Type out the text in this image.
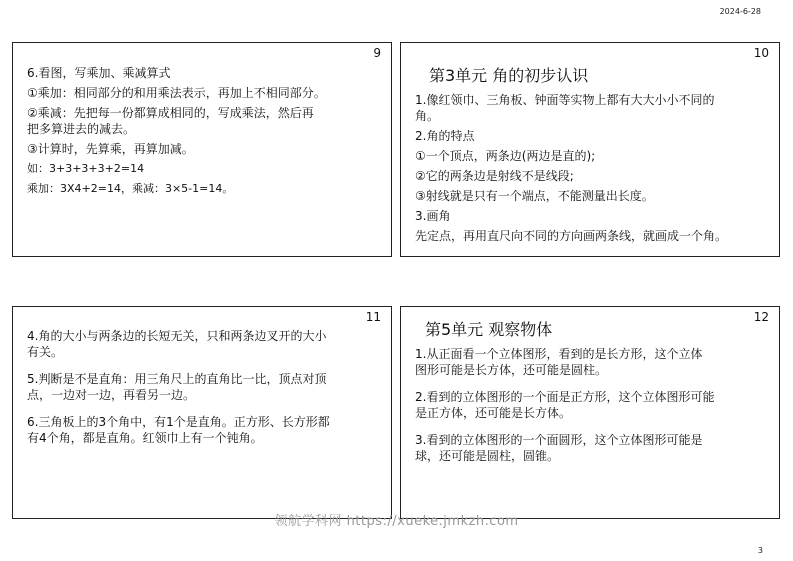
2024-6-28
9

6.看图，写乘加、乘减算式

①乘加：相同部分的和用乘法表示，再加上不相同部分。

②乘减：先把每一份都算成相同的，写成乘法，然后再

把多算进去的减去。

③计算时，先算乘，再算加减。

如：3+3+3+3+2=14

乘加：3X4+2=14，乘减：3×5-1=14。

10
第3单元 角的初步认识

1.像红领巾、三角板、钟面等实物上都有大大小小不同的

角。

2.角的特点

①一个顶点，两条边(两边是直的);

②它的两条边是射线不是线段;

③射线就是只有一个端点，不能测量出长度。

3.画角

先定点，再用直尺向不同的方向画两条线，就画成一个角。

11

4.角的大小与两条边的长短无关，只和两条边叉开的大小

有关。

5.判断是不是直角：用三角尺上的直角比一比，顶点对顶

点，一边对一边，再看另一边。

6.三角板上的3个角中，有1个是直角。正方形、长方形都

有4个角，都是直角。红领巾上有一个钝角。

12
第5单元 观察物体

1.从正面看一个立体图形，看到的是长方形，这个立体

图形可能是长方体，还可能是圆柱。

2.看到的立体图形的一个面是正方形，这个立体图形可能

是正方体，还可能是长方体。

3.看到的立体图形的一个面圆形，这个立体图形可能是

球，还可能是圆柱，圆锥。

领航学科网 https://xueke.jmkzh.com
3
